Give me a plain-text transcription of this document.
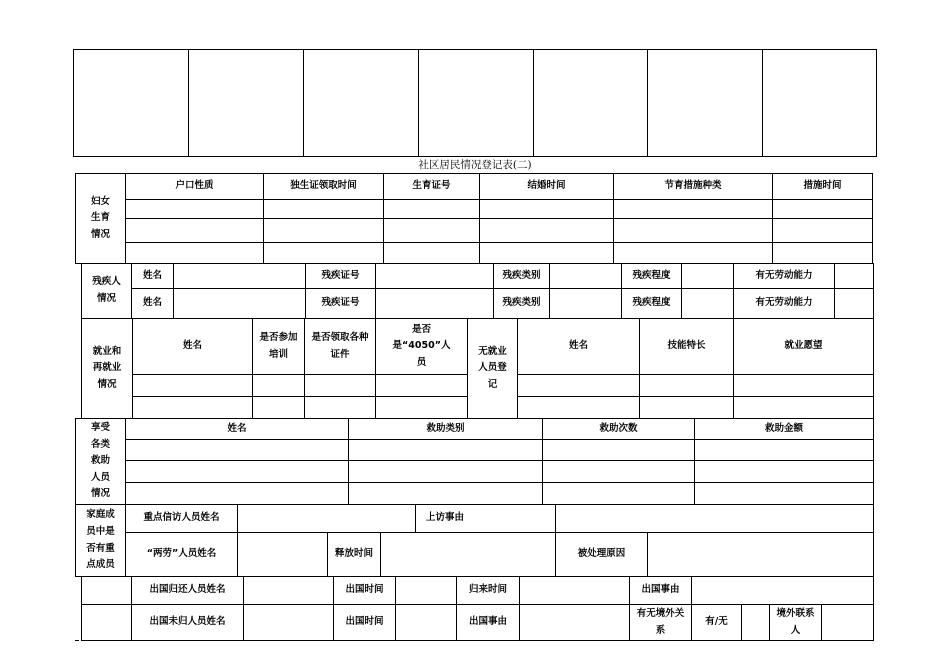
社区居民情况登记表(二)
妇女生育情况	户口性质	独生证领取时间	生育证号	结婚时间	节育措施种类	措施时间

残疾人情况	姓名		残疾证号		残疾类别		残疾程度		有无劳动能力	
	姓名		残疾证号		残疾类别		残疾程度		有无劳动能力	
就业和再就业情况	姓名	是否参加培训	是否领取各种证件	是否是“4050”人员	无就业人员登记	姓名	技能特长	就业愿望

享受各类救助人员情况	姓名	救助类别	救助次数	救助金额

家庭成员中是否有重点成员	重点信访人员姓名				上访事由		
	“两劳”人员姓名		释放时间			被处理原因	
	出国归还人员姓名		出国时间		归来时间		出国事由				
	出国未归人员姓名		出国时间		出国事由		有无境外关系	有/无		境外联系人	
